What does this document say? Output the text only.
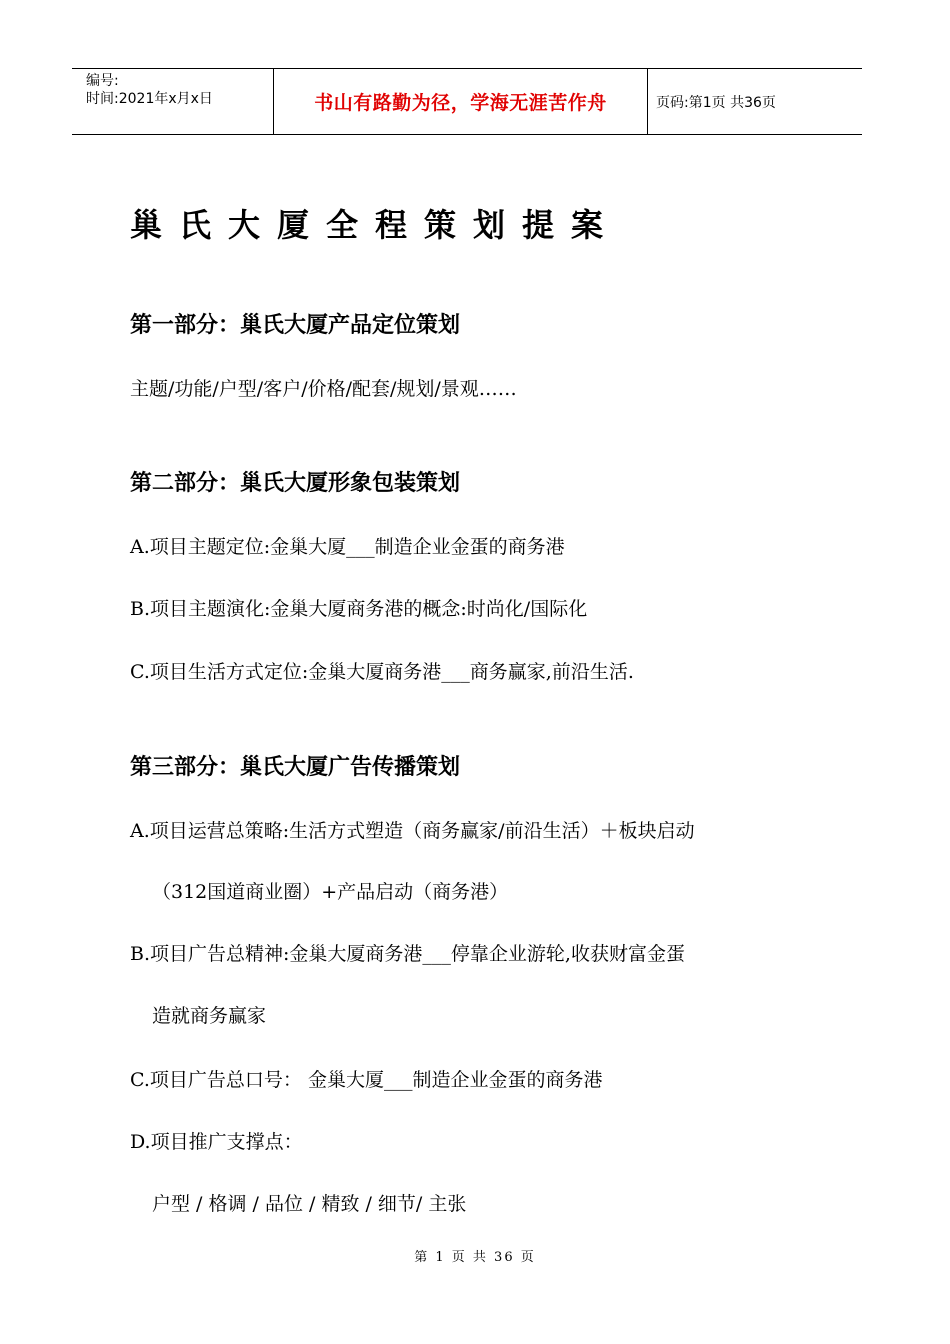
编号:
时间:2021年x月x日	书山有路勤为径，学海无涯苦作舟	页码:第1页 共36页
巢氏大厦全程策划提案
第一部分：巢氏大厦产品定位策划
主题/功能/户型/客户/价格/配套/规划/景观……
第二部分：巢氏大厦形象包装策划
A.项目主题定位:金巢大厦___制造企业金蛋的商务港
B.项目主题演化:金巢大厦商务港的概念:时尚化/国际化
C.项目生活方式定位:金巢大厦商务港___商务赢家,前沿生活.
第三部分：巢氏大厦广告传播策划
A.项目运营总策略:生活方式塑造（商务赢家/前沿生活）＋板块启动
（312国道商业圈）+产品启动（商务港）
B.项目广告总精神:金巢大厦商务港___停靠企业游轮,收获财富金蛋
造就商务赢家
C.项目广告总口号： 金巢大厦___制造企业金蛋的商务港
D.项目推广支撑点：
户型 / 格调 / 品位 / 精致 / 细节/ 主张
第 1 页 共 36 页
